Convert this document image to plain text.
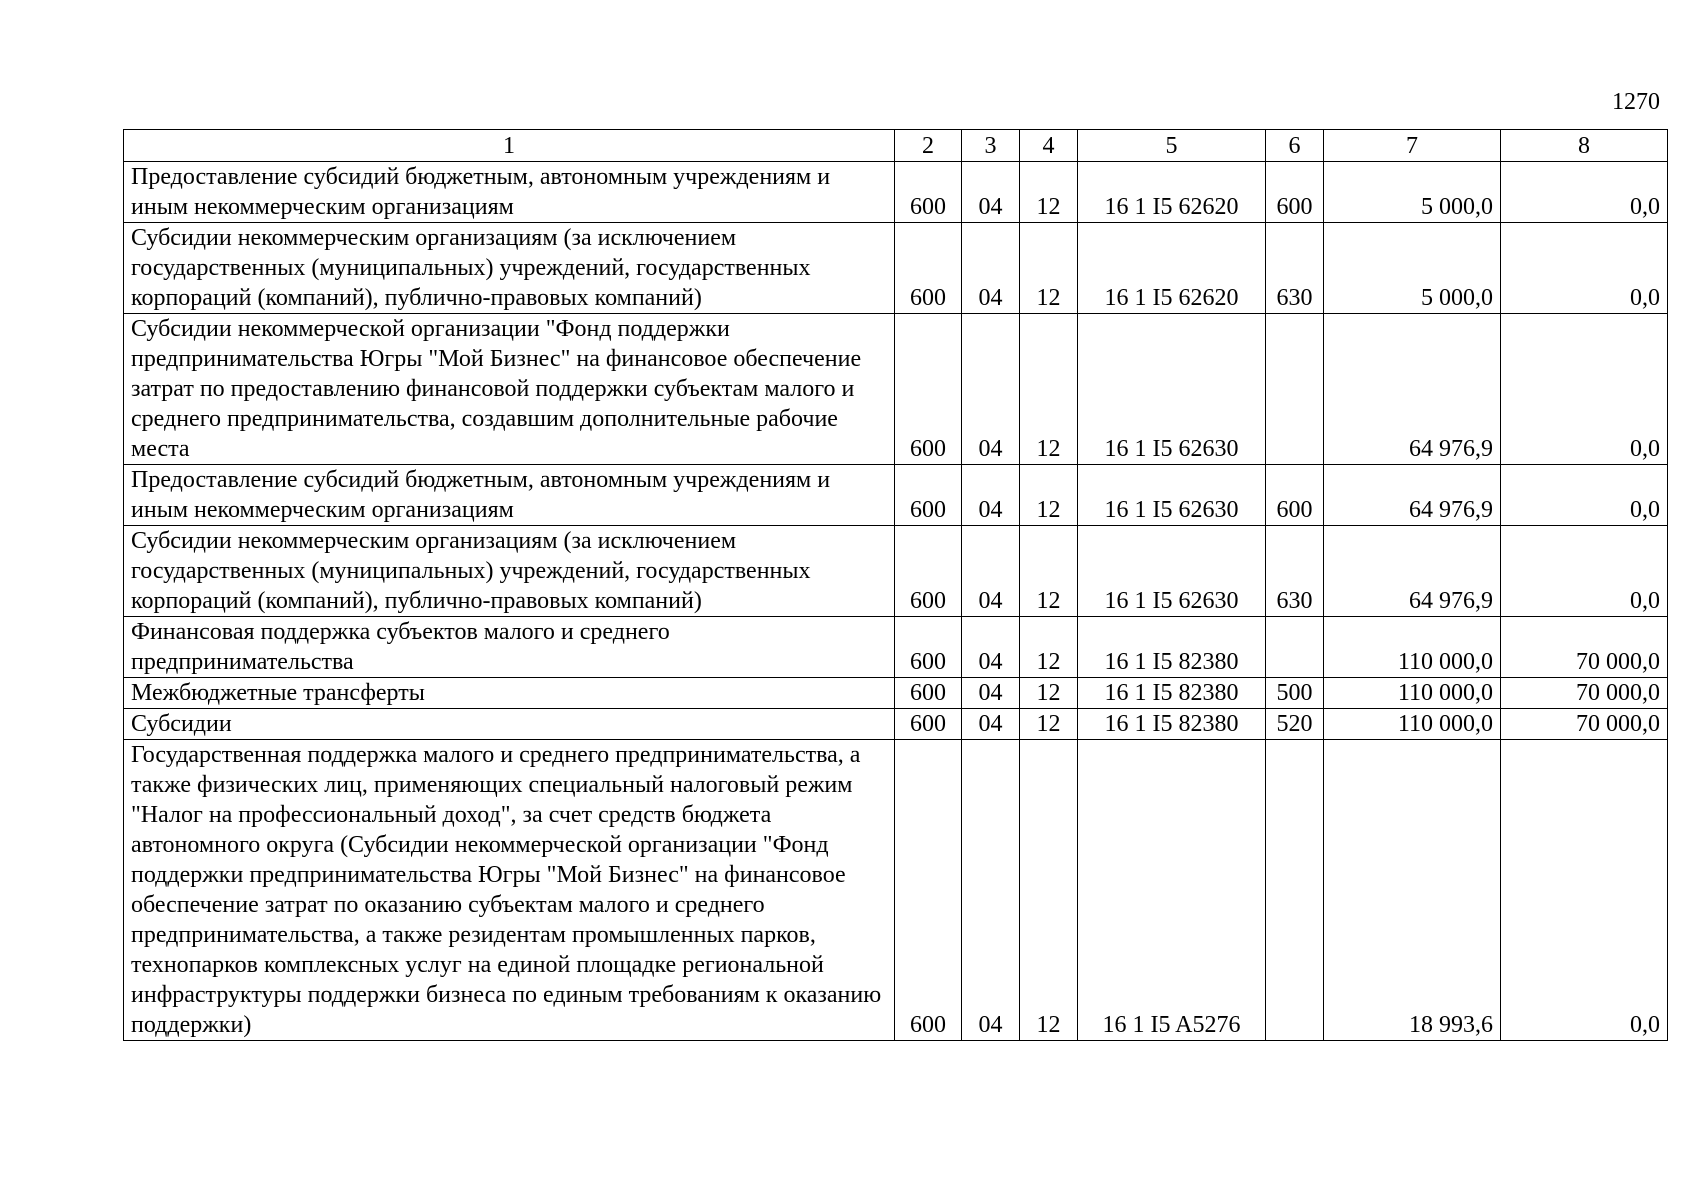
1270
1	2	3	4	5	6	7	8
Предоставление субсидий бюджетным, автономным учреждениям и иным некоммерческим организациям	600	04	12	16 1 I5 62620	600	5 000,0	0,0
Субсидии некоммерческим организациям (за исключением государственных (муниципальных) учреждений, государственных корпораций (компаний), публично-правовых компаний)	600	04	12	16 1 I5 62620	630	5 000,0	0,0
Субсидии некоммерческой организации "Фонд поддержки предпринимательства Югры "Мой Бизнес" на финансовое обеспечение затрат по предоставлению финансовой поддержки субъектам малого и среднего предпринимательства, создавшим дополнительные рабочие места	600	04	12	16 1 I5 62630		64 976,9	0,0
Предоставление субсидий бюджетным, автономным учреждениям и иным некоммерческим организациям	600	04	12	16 1 I5 62630	600	64 976,9	0,0
Субсидии некоммерческим организациям (за исключением государственных (муниципальных) учреждений, государственных корпораций (компаний), публично-правовых компаний)	600	04	12	16 1 I5 62630	630	64 976,9	0,0
Финансовая поддержка субъектов малого и среднего предпринимательства	600	04	12	16 1 I5 82380		110 000,0	70 000,0
Межбюджетные трансферты	600	04	12	16 1 I5 82380	500	110 000,0	70 000,0
Субсидии	600	04	12	16 1 I5 82380	520	110 000,0	70 000,0
Государственная поддержка малого и среднего предпринимательства, а также физических лиц, применяющих специальный налоговый режим "Налог на профессиональный доход", за счет средств бюджета автономного округа (Субсидии некоммерческой организации "Фонд поддержки предпринимательства Югры "Мой Бизнес" на финансовое обеспечение затрат по оказанию субъектам малого и среднего предпринимательства, а также резидентам промышленных парков, технопарков комплексных услуг на единой площадке региональной инфраструктуры поддержки бизнеса по единым требованиям к оказанию поддержки)	600	04	12	16 1 I5 A5276		18 993,6	0,0
